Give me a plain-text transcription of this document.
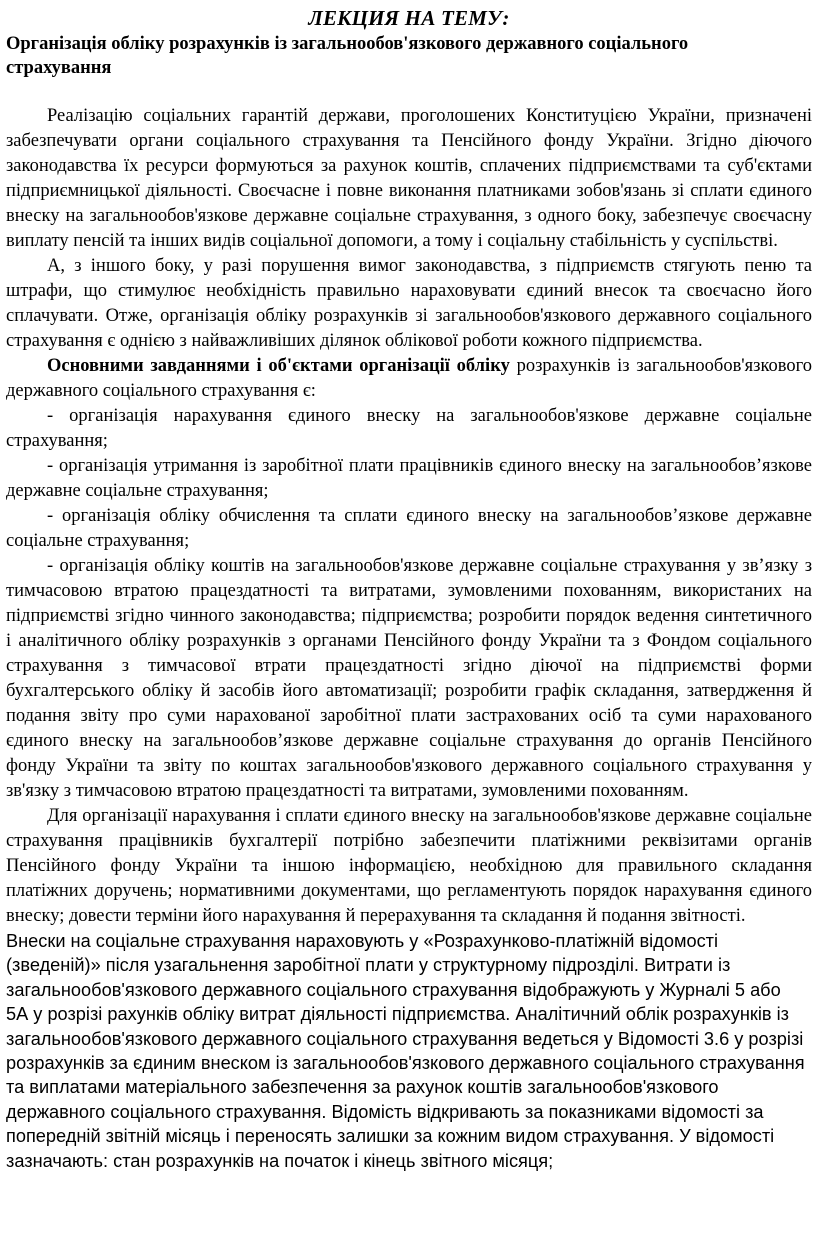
ЛЕКЦИЯ НА ТЕМУ:
Організація обліку розрахунків із загальнообов'язкового державного соціального страхування

Реалізацію соціальних гарантій держави, проголошених Конституцією України, призначені забезпечувати органи соціального страхування та Пенсійного фонду України. Згідно діючого законодавства їх ресурси формуються за рахунок коштів, сплачених підприємствами та суб'єктами підприємницької діяльності. Своєчасне і повне виконання платниками зобов'язань зі сплати єдиного внеску на загальнообов'язкове державне соціальне страхування, з одного боку, забезпечує своєчасну виплату пенсій та інших видів соціальної допомоги, а тому і соціальну стабільність у суспільстві.

А, з іншого боку, у разі порушення вимог законодавства, з підприємств стягують пеню та штрафи, що стимулює необхідність правильно нараховувати єдиний внесок та своєчасно його сплачувати. Отже, організація обліку розрахунків зі загальнообов'язкового державного соціального страхування є однією з найважливіших ділянок облікової роботи кожного підприємства.

Основними завданнями і об'єктами організації обліку розрахунків із загальнообов'язкового державного соціального страхування є:

- організація нарахування єдиного внеску на загальнообов'язкове державне соціальне страхування;

- організація утримання із заробітної плати працівників єдиного внеску на загальнообов’язкове державне соціальне страхування;

- організація обліку обчислення та сплати єдиного внеску на загальнообов’язкове державне соціальне страхування;

- організація обліку коштів на загальнообов'язкове державне соціальне страхування у зв’язку з тимчасовою втратою працездатності та витратами, зумовленими похованням, використаних на підприємстві згідно чинного законодавства; підприємства; розробити порядок ведення синтетичного і аналітичного обліку розрахунків з органами Пенсійного фонду України та з Фондом соціального страхування з тимчасової втрати працездатності згідно діючої на підприємстві форми бухгалтерського обліку й засобів його автоматизації; розробити графік складання, затвердження й подання звіту про суми нарахованої заробітної плати застрахованих осіб та суми нарахованого єдиного внеску на загальнообов’язкове державне соціальне страхування до органів Пенсійного фонду України та звіту по коштах загальнообов'язкового державного соціального страхування у зв'язку з тимчасовою втратою працездатності та витратами, зумовленими похованням.

Для організації нарахування і сплати єдиного внеску на загальнообов'язкове державне соціальне страхування працівників бухгалтерії потрібно забезпечити платіжними реквізитами органів Пенсійного фонду України та іншою інформацією, необхідною для правильного складання платіжних доручень; нормативними документами, що регламентують порядок нарахування єдиного внеску; довести терміни його нарахування й перерахування та складання й подання звітності.

Внески на соціальне страхування нараховують у «Розрахунково-платіжній відомості (зведеній)» після узагальнення заробітної плати у структурному підрозділі. Витрати із загальнообов'язкового державного соціального страхування відображують у Журналі 5 або 5А у розрізі рахунків обліку витрат діяльності підприємства. Аналітичний облік розрахунків із загальнообов'язкового державного соціального страхування ведеться у Відомості 3.6 у розрізі розрахунків за єдиним внеском із загальнообов'язкового державного соціального страхування та виплатами матеріального забезпечення за рахунок коштів загальнообов'язкового державного соціального страхування. Відомість відкривають за показниками відомості за попередній звітній місяць і переносять залишки за кожним видом страхування. У відомості зазначають: стан розрахунків на початок і кінець звітного місяця;
